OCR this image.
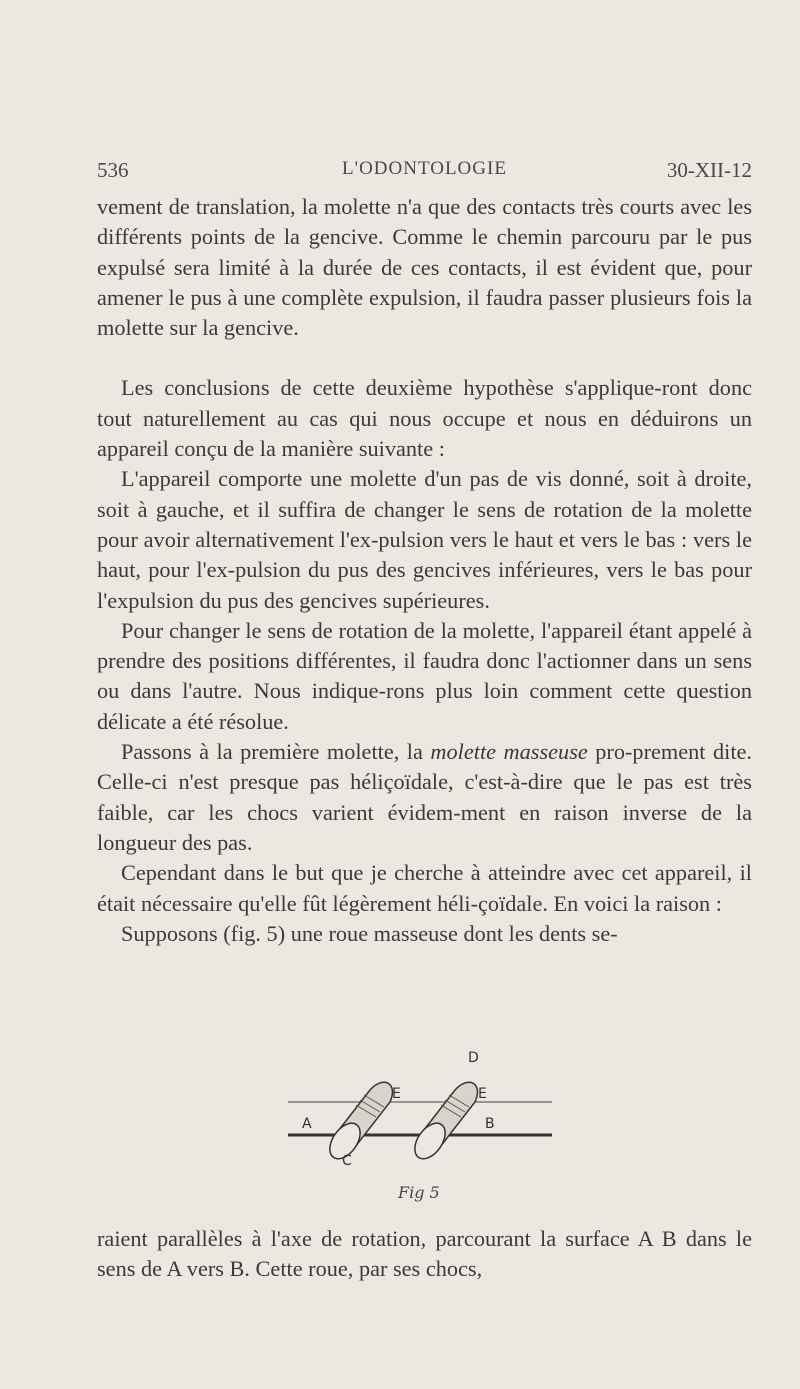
536	L'ODONTOLOGIE	30-XII-12

vement de translation, la molette n'a que des contacts très courts avec les différents points de la gencive. Comme le chemin parcouru par le pus expulsé sera limité à la durée de ces contacts, il est évident que, pour amener le pus à une complète expulsion, il faudra passer plusieurs fois la molette sur la gencive.

Les conclusions de cette deuxième hypothèse s'applique-ront donc tout naturellement au cas qui nous occupe et nous en déduirons un appareil conçu de la manière suivante :

L'appareil comporte une molette d'un pas de vis donné, soit à droite, soit à gauche, et il suffira de changer le sens de rotation de la molette pour avoir alternativement l'ex-pulsion vers le haut et vers le bas : vers le haut, pour l'ex-pulsion du pus des gencives inférieures, vers le bas pour l'expulsion du pus des gencives supérieures.

Pour changer le sens de rotation de la molette, l'appareil étant appelé à prendre des positions différentes, il faudra donc l'actionner dans un sens ou dans l'autre. Nous indique-rons plus loin comment cette question délicate a été résolue.

Passons à la première molette, la molette masseuse pro-prement dite. Celle-ci n'est presque pas héliçoïdale, c'est-à-dire que le pas est très faible, car les chocs varient évidem-ment en raison inverse de la longueur des pas.

Cependant dans le but que je cherche à atteindre avec cet appareil, il était nécessaire qu'elle fût légèrement héli-çoïdale. En voici la raison :

Supposons (fig. 5) une roue masseuse dont les dents se-

A	B
C
D
E	E
Fig 5

raient parallèles à l'axe de rotation, parcourant la surface A B dans le sens de A vers B. Cette roue, par ses chocs,
